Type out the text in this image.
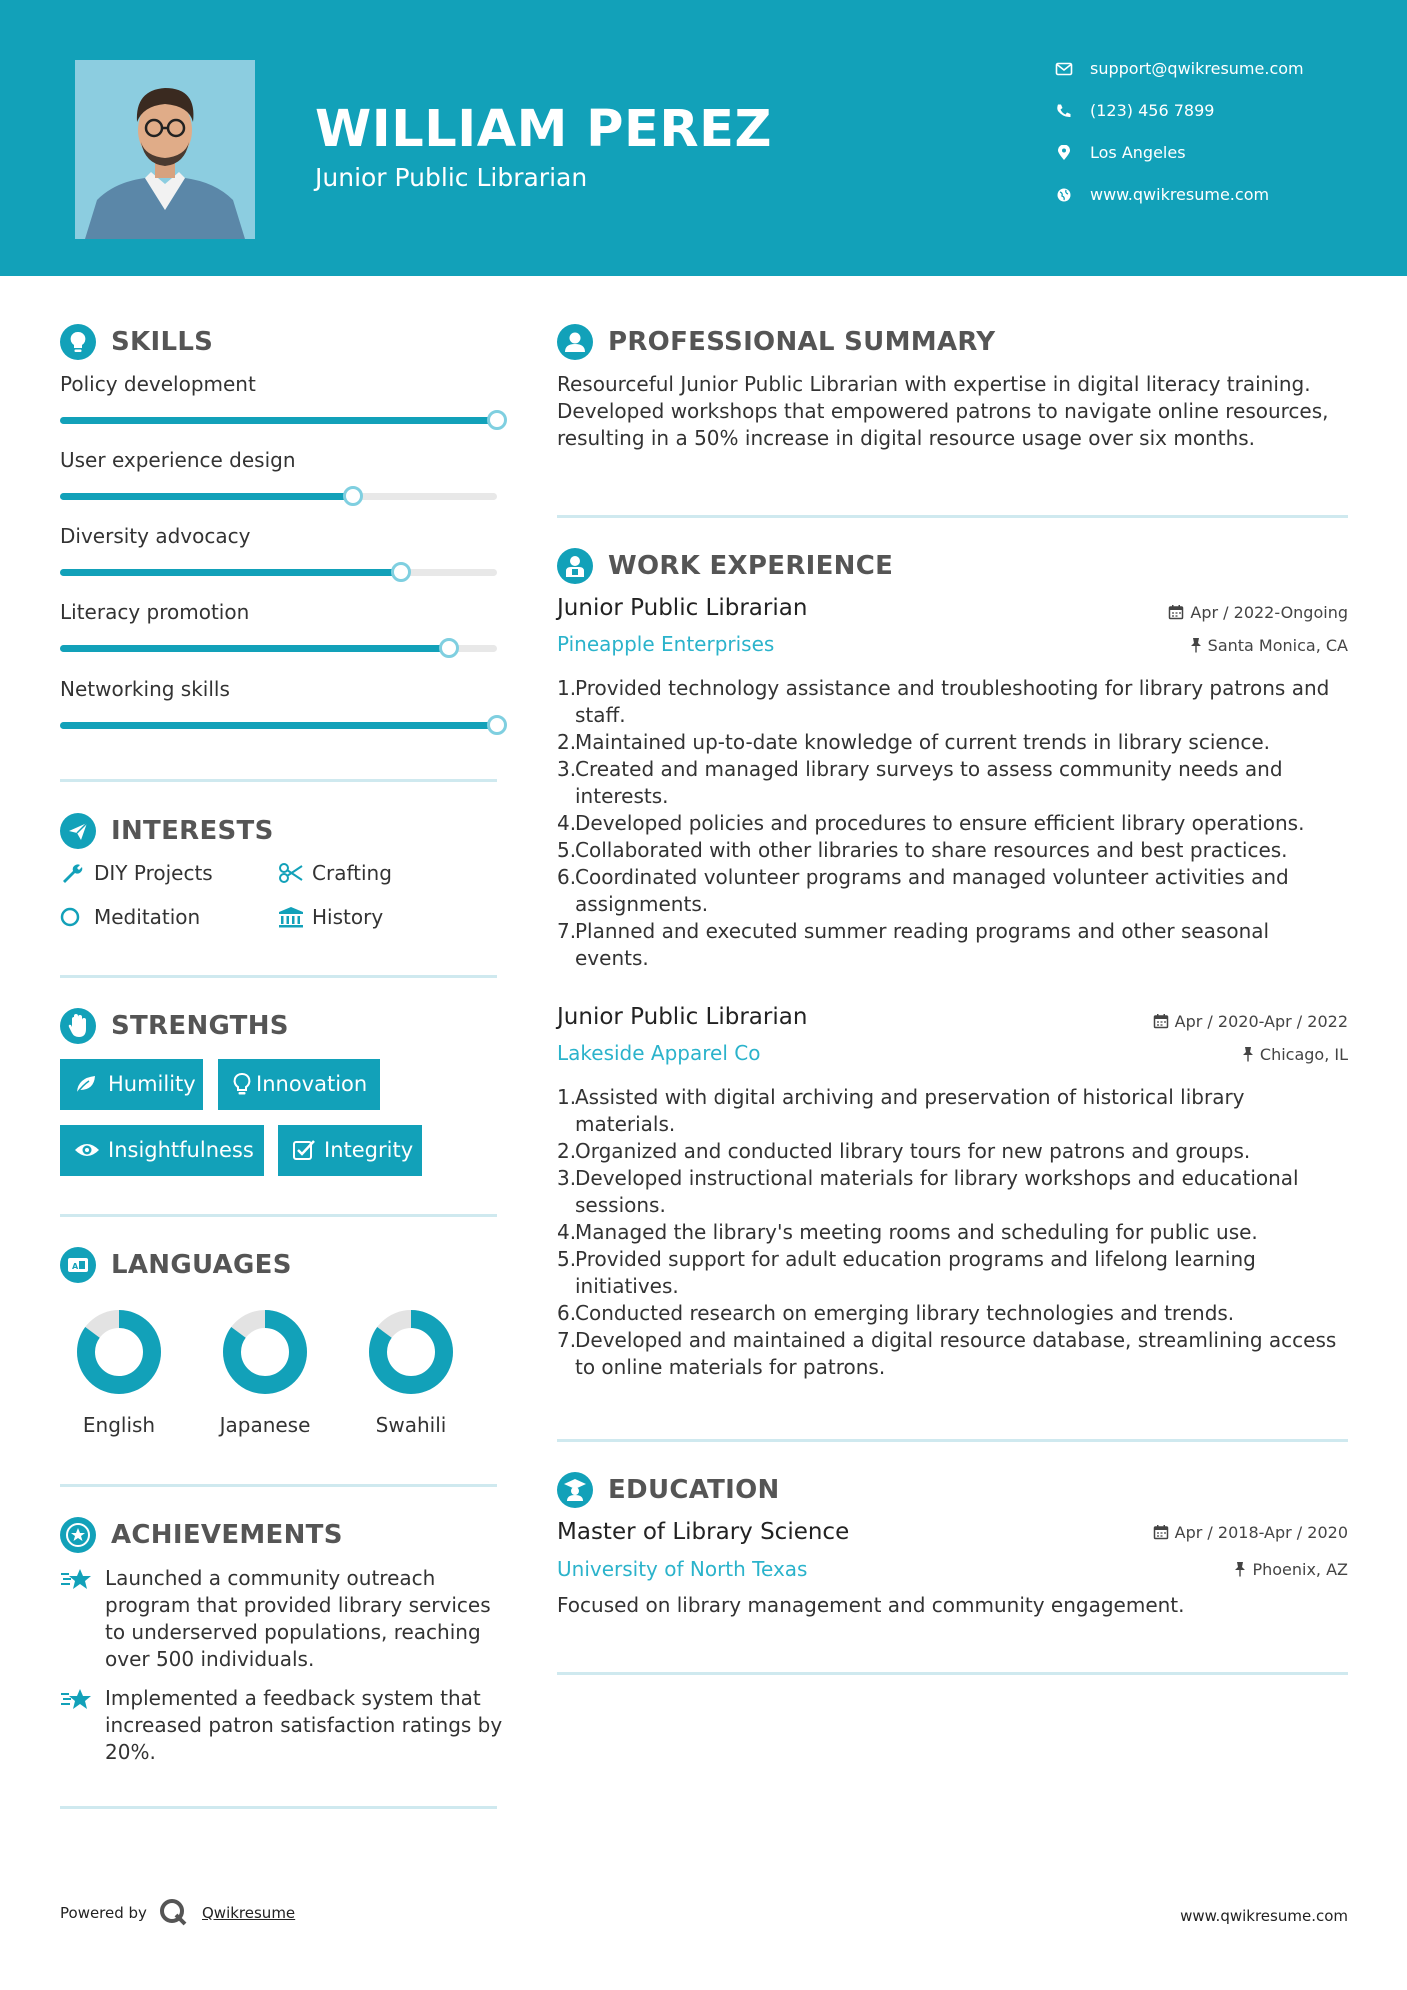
WILLIAM PEREZ
Junior Public Librarian
support@qwikresume.com
(123) 456 7899
Los Angeles
www.qwikresume.com
SKILLS
Policy development
User experience design
Diversity advocacy
Literacy promotion
Networking skills
INTERESTS
DIY Projects	Crafting
Meditation	History
STRENGTHS
Humility	Innovation
Insightfulness	Integrity
A LANGUAGES
English	Japanese	Swahili
ACHIEVEMENTS

Launched a community outreach program that provided library services to underserved populations, reaching over 500 individuals.

Implemented a feedback system that increased patron satisfaction ratings by 20%.

PROFESSIONAL SUMMARY
Resourceful Junior Public Librarian with expertise in digital literacy training. Developed workshops that empowered patrons to navigate online resources, resulting in a 50% increase in digital resource usage over six months.
WORK EXPERIENCE
Junior Public Librarian	Apr / 2022-Ongoing
Pineapple Enterprises	Santa Monica, CA
1.
Provided technology assistance and troubleshooting for library patrons and staff.
2.
Maintained up-to-date knowledge of current trends in library science.
3.
Created and managed library surveys to assess community needs and interests.
4.
Developed policies and procedures to ensure efficient library operations.
5.
Collaborated with other libraries to share resources and best practices.
6.
Coordinated volunteer programs and managed volunteer activities and assignments.
7.
Planned and executed summer reading programs and other seasonal events.
Junior Public Librarian	Apr / 2020-Apr / 2022
Lakeside Apparel Co	Chicago, IL
1.
Assisted with digital archiving and preservation of historical library materials.
2.
Organized and conducted library tours for new patrons and groups.
3.
Developed instructional materials for library workshops and educational sessions.
4.
Managed the library's meeting rooms and scheduling for public use.
5.
Provided support for adult education programs and lifelong learning initiatives.
6.
Conducted research on emerging library technologies and trends.
7.
Developed and maintained a digital resource database, streamlining access to online materials for patrons.
EDUCATION
Master of Library Science	Apr / 2018-Apr / 2020
University of North Texas	Phoenix, AZ
Focused on library management and community engagement.
Powered by	Qwikresume	www.qwikresume.com
